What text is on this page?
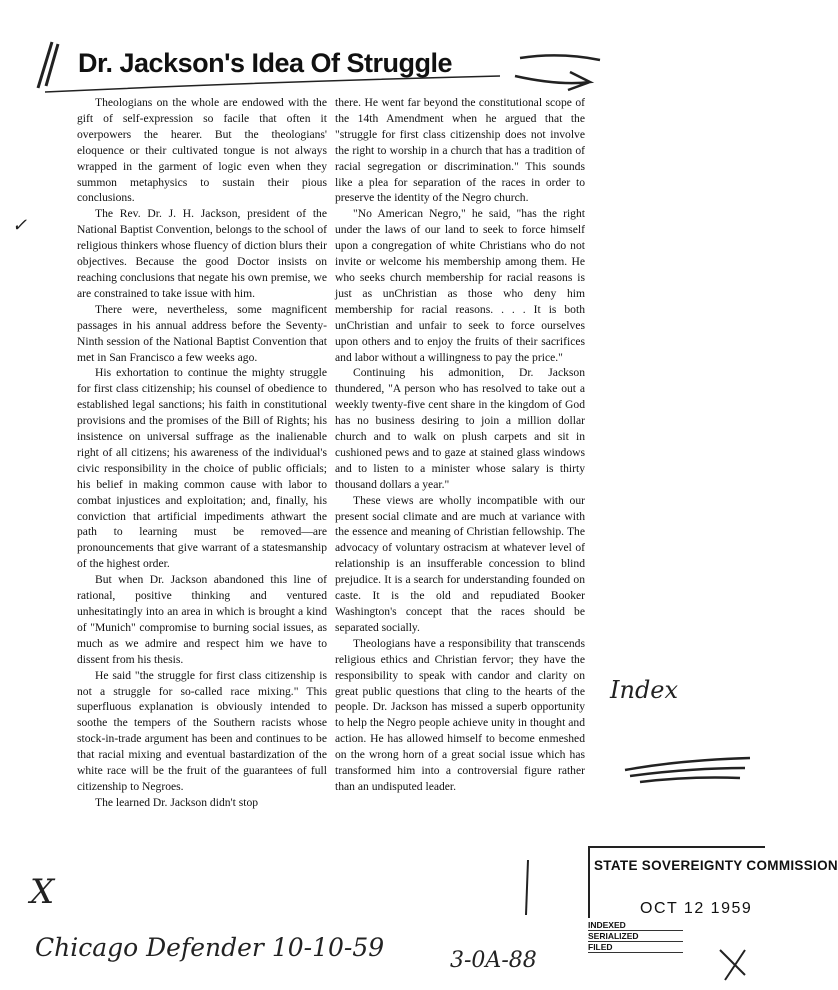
Dr. Jackson's Idea Of Struggle

Theologians on the whole are endowed with the gift of self-expression so facile that often it overpowers the hearer. But the theologians' eloquence or their cultivated tongue is not always wrapped in the garment of logic even when they summon metaphysics to sustain their pious conclusions.

The Rev. Dr. J. H. Jackson, president of the National Baptist Convention, belongs to the school of religious thinkers whose fluency of diction blurs their objectives. Because the good Doctor insists on reaching conclusions that negate his own premise, we are constrained to take issue with him.

There were, nevertheless, some magnificent passages in his annual address before the Seventy-Ninth session of the National Baptist Convention that met in San Francisco a few weeks ago.

His exhortation to continue the mighty struggle for first class citizenship; his counsel of obedience to established legal sanctions; his faith in constitutional provisions and the promises of the Bill of Rights; his insistence on universal suffrage as the inalienable right of all citizens; his awareness of the individual's civic responsibility in the choice of public officials; his belief in making common cause with labor to combat injustices and exploitation; and, finally, his conviction that artificial impediments athwart the path to learning must be removed—are pronouncements that give warrant of a statesmanship of the highest order.

But when Dr. Jackson abandoned this line of rational, positive thinking and ventured unhesitatingly into an area in which is brought a kind of "Munich" compromise to burning social issues, as much as we admire and respect him we have to dissent from his thesis.

He said "the struggle for first class citizenship is not a struggle for so-called race mixing." This superfluous explanation is obviously intended to soothe the tempers of the Southern racists whose stock-in-trade argument has been and continues to be that racial mixing and eventual bastardization of the white race will be the fruit of the guarantees of full citizenship to Negroes.

The learned Dr. Jackson didn't stop

there. He went far beyond the constitutional scope of the 14th Amendment when he argued that the "struggle for first class citizenship does not involve the right to worship in a church that has a tradition of racial segregation or discrimination." This sounds like a plea for separation of the races in order to preserve the identity of the Negro church.

"No American Negro," he said, "has the right under the laws of our land to seek to force himself upon a congregation of white Christians who do not invite or welcome his membership among them. He who seeks church membership for racial reasons is just as unChristian as those who deny him membership for racial reasons. . . . It is both unChristian and unfair to seek to force ourselves upon others and to enjoy the fruits of their sacrifices and labor without a willingness to pay the price."

Continuing his admonition, Dr. Jackson thundered, "A person who has resolved to take out a weekly twenty-five cent share in the kingdom of God has no business desiring to join a million dollar church and to walk on plush carpets and sit in cushioned pews and to gaze at stained glass windows and to listen to a minister whose salary is thirty thousand dollars a year."

These views are wholly incompatible with our present social climate and are much at variance with the essence and meaning of Christian fellowship. The advocacy of voluntary ostracism at whatever level of relationship is an insufferable concession to blind prejudice. It is a search for understanding founded on caste. It is the old and repudiated Booker Washington's concept that the races should be separated socially.

Theologians have a responsibility that transcends religious ethics and Christian fervor; they have the responsibility to speak with candor and clarity on great public questions that cling to the hearts of the people. Dr. Jackson has missed a superb opportunity to help the Negro people achieve unity in thought and action. He has allowed himself to become enmeshed on the wrong horn of a great social issue which has transformed him into a controversial figure rather than an undisputed leader.

STATE SOVEREIGNTY COMMISSION
OCT 12 1959
INDEXED
SERIALIZED
FILED
✓
X
Index
Chicago Defender 10-10-59	3-0A-88
